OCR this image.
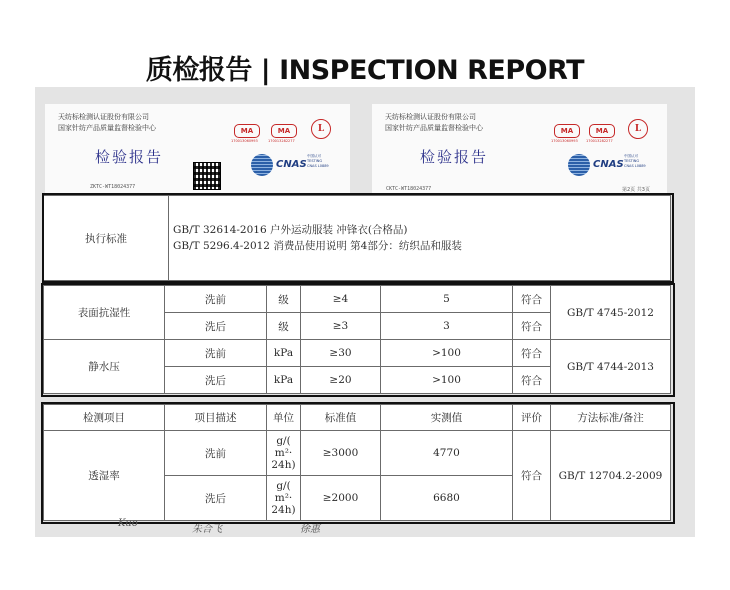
质检报告 | INSPECTION REPORT
天纺标检测认证股份有限公司
国家针纺产品质量监督检验中心
检验报告
ZKTC-WT18024377
MA
170013060993
MA
170013282277
L
CNAS
中国认可
TESTING
CNAS L0889
天纺标检测认证股份有限公司
国家针纺产品质量监督检验中心
检验报告
CKTC-WT18024377	第2页 共3页
MA
170013060993
MA
170013282277
L
CNAS
中国认可
TESTING
CNAS L0889
执行标准	
GB/T 32614-2016 户外运动服装 冲锋衣(合格品)
GB/T 5296.4-2012 消费品使用说明 第4部分：纺织品和服装
表面抗湿性	洗前	级	≥4	5	符合	GB/T 4745-2012
	洗后	级	≥3	3	符合	
静水压	洗前	kPa	≥30	>100	符合	GB/T 4744-2013
	洗后	kPa	≥20	>100	符合	
检测项目	项目描述	单位	标准值	实测值	评价	方法标准/备注
透湿率	洗前	g/(
m²·
24h)	≥3000	4770	符合	GB/T 12704.2-2009
	洗后	g/(
m²·
24h)	≥2000	6680		
Kuo
朱合飞	徐惠
